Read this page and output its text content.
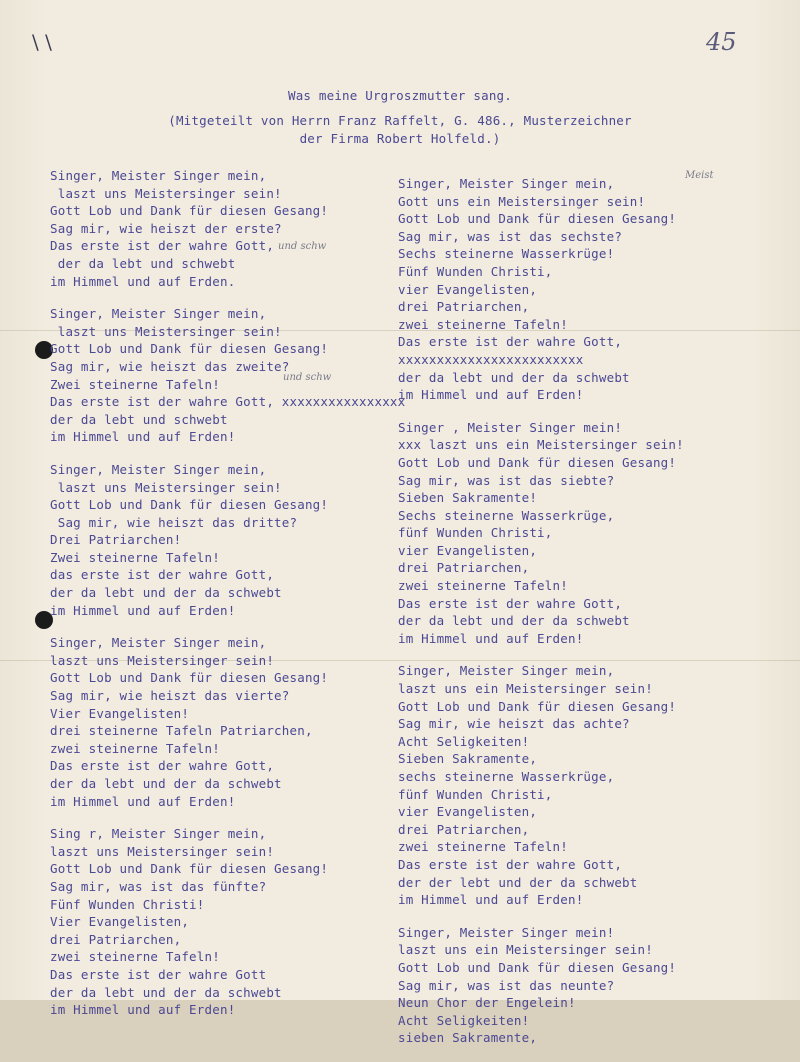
\ \	45
Was meine Urgroszmutter sang.
(Mitgeteilt von Herrn Franz Raffelt, G. 486., Musterzeichner
der Firma Robert Holfeld.)
und schw
Meist
und schw
Singer, Meister Singer mein,
laszt uns Meistersinger sein!
Gott Lob und Dank für diesen Gesang!
Sag mir, wie heiszt der erste?
Das erste ist der wahre Gott,
der da lebt und schwebt
im Himmel und auf Erden.
Singer, Meister Singer mein,
laszt uns Meistersinger sein!
Gott Lob und Dank für diesen Gesang!
Sag mir, wie heiszt das zweite?
Zwei steinerne Tafeln!
Das erste ist der wahre Gott, xxxxxxxxxxxxxxxx
der da lebt und schwebt
im Himmel und auf Erden!
Singer, Meister Singer mein,
laszt uns Meistersinger sein!
Gott Lob und Dank für diesen Gesang!
Sag mir, wie heiszt das dritte?
Drei Patriarchen!
Zwei steinerne Tafeln!
das erste ist der wahre Gott,
der da lebt und der da schwebt
im Himmel und auf Erden!
Singer, Meister Singer mein,
laszt uns Meistersinger sein!
Gott Lob und Dank für diesen Gesang!
Sag mir, wie heiszt das vierte?
Vier Evangelisten!
drei steinerne Tafeln Patriarchen,
zwei steinerne Tafeln!
Das erste ist der wahre Gott,
der da lebt und der da schwebt
im Himmel und auf Erden!
Sing r, Meister Singer mein,
laszt uns Meistersinger sein!
Gott Lob und Dank für diesen Gesang!
Sag mir, was ist das fünfte?
Fünf Wunden Christi!
Vier Evangelisten,
drei Patriarchen,
zwei steinerne Tafeln!
Das erste ist der wahre Gott
der da lebt und der da schwebt
im Himmel und auf Erden!
Singer, Meister Singer mein,
Gott uns ein Meistersinger sein!
Gott Lob und Dank für diesen Gesang!
Sag mir, was ist das sechste?
Sechs steinerne Wasserkrüge!
Fünf Wunden Christi,
vier Evangelisten,
drei Patriarchen,
zwei steinerne Tafeln!
Das erste ist der wahre Gott,
xxxxxxxxxxxxxxxxxxxxxxxx
der da lebt und der da schwebt
im Himmel und auf Erden!
Singer , Meister Singer mein!
xxx laszt uns ein Meistersinger sein!
Gott Lob und Dank für diesen Gesang!
Sag mir, was ist das siebte?
Sieben Sakramente!
Sechs steinerne Wasserkrüge,
fünf Wunden Christi,
vier Evangelisten,
drei Patriarchen,
zwei steinerne Tafeln!
Das erste ist der wahre Gott,
der da lebt und der da schwebt
im Himmel und auf Erden!
Singer, Meister Singer mein,
laszt uns ein Meistersinger sein!
Gott Lob und Dank für diesen Gesang!
Sag mir, wie heiszt das achte?
Acht Seligkeiten!
Sieben Sakramente,
sechs steinerne Wasserkrüge,
fünf Wunden Christi,
vier Evangelisten,
drei Patriarchen,
zwei steinerne Tafeln!
Das erste ist der wahre Gott,
der der lebt und der da schwebt
im Himmel und auf Erden!
Singer, Meister Singer mein!
laszt uns ein Meistersinger sein!
Gott Lob und Dank für diesen Gesang!
Sag mir, was ist das neunte?
Neun Chor der Engelein!
Acht Seligkeiten!
sieben Sakramente,
